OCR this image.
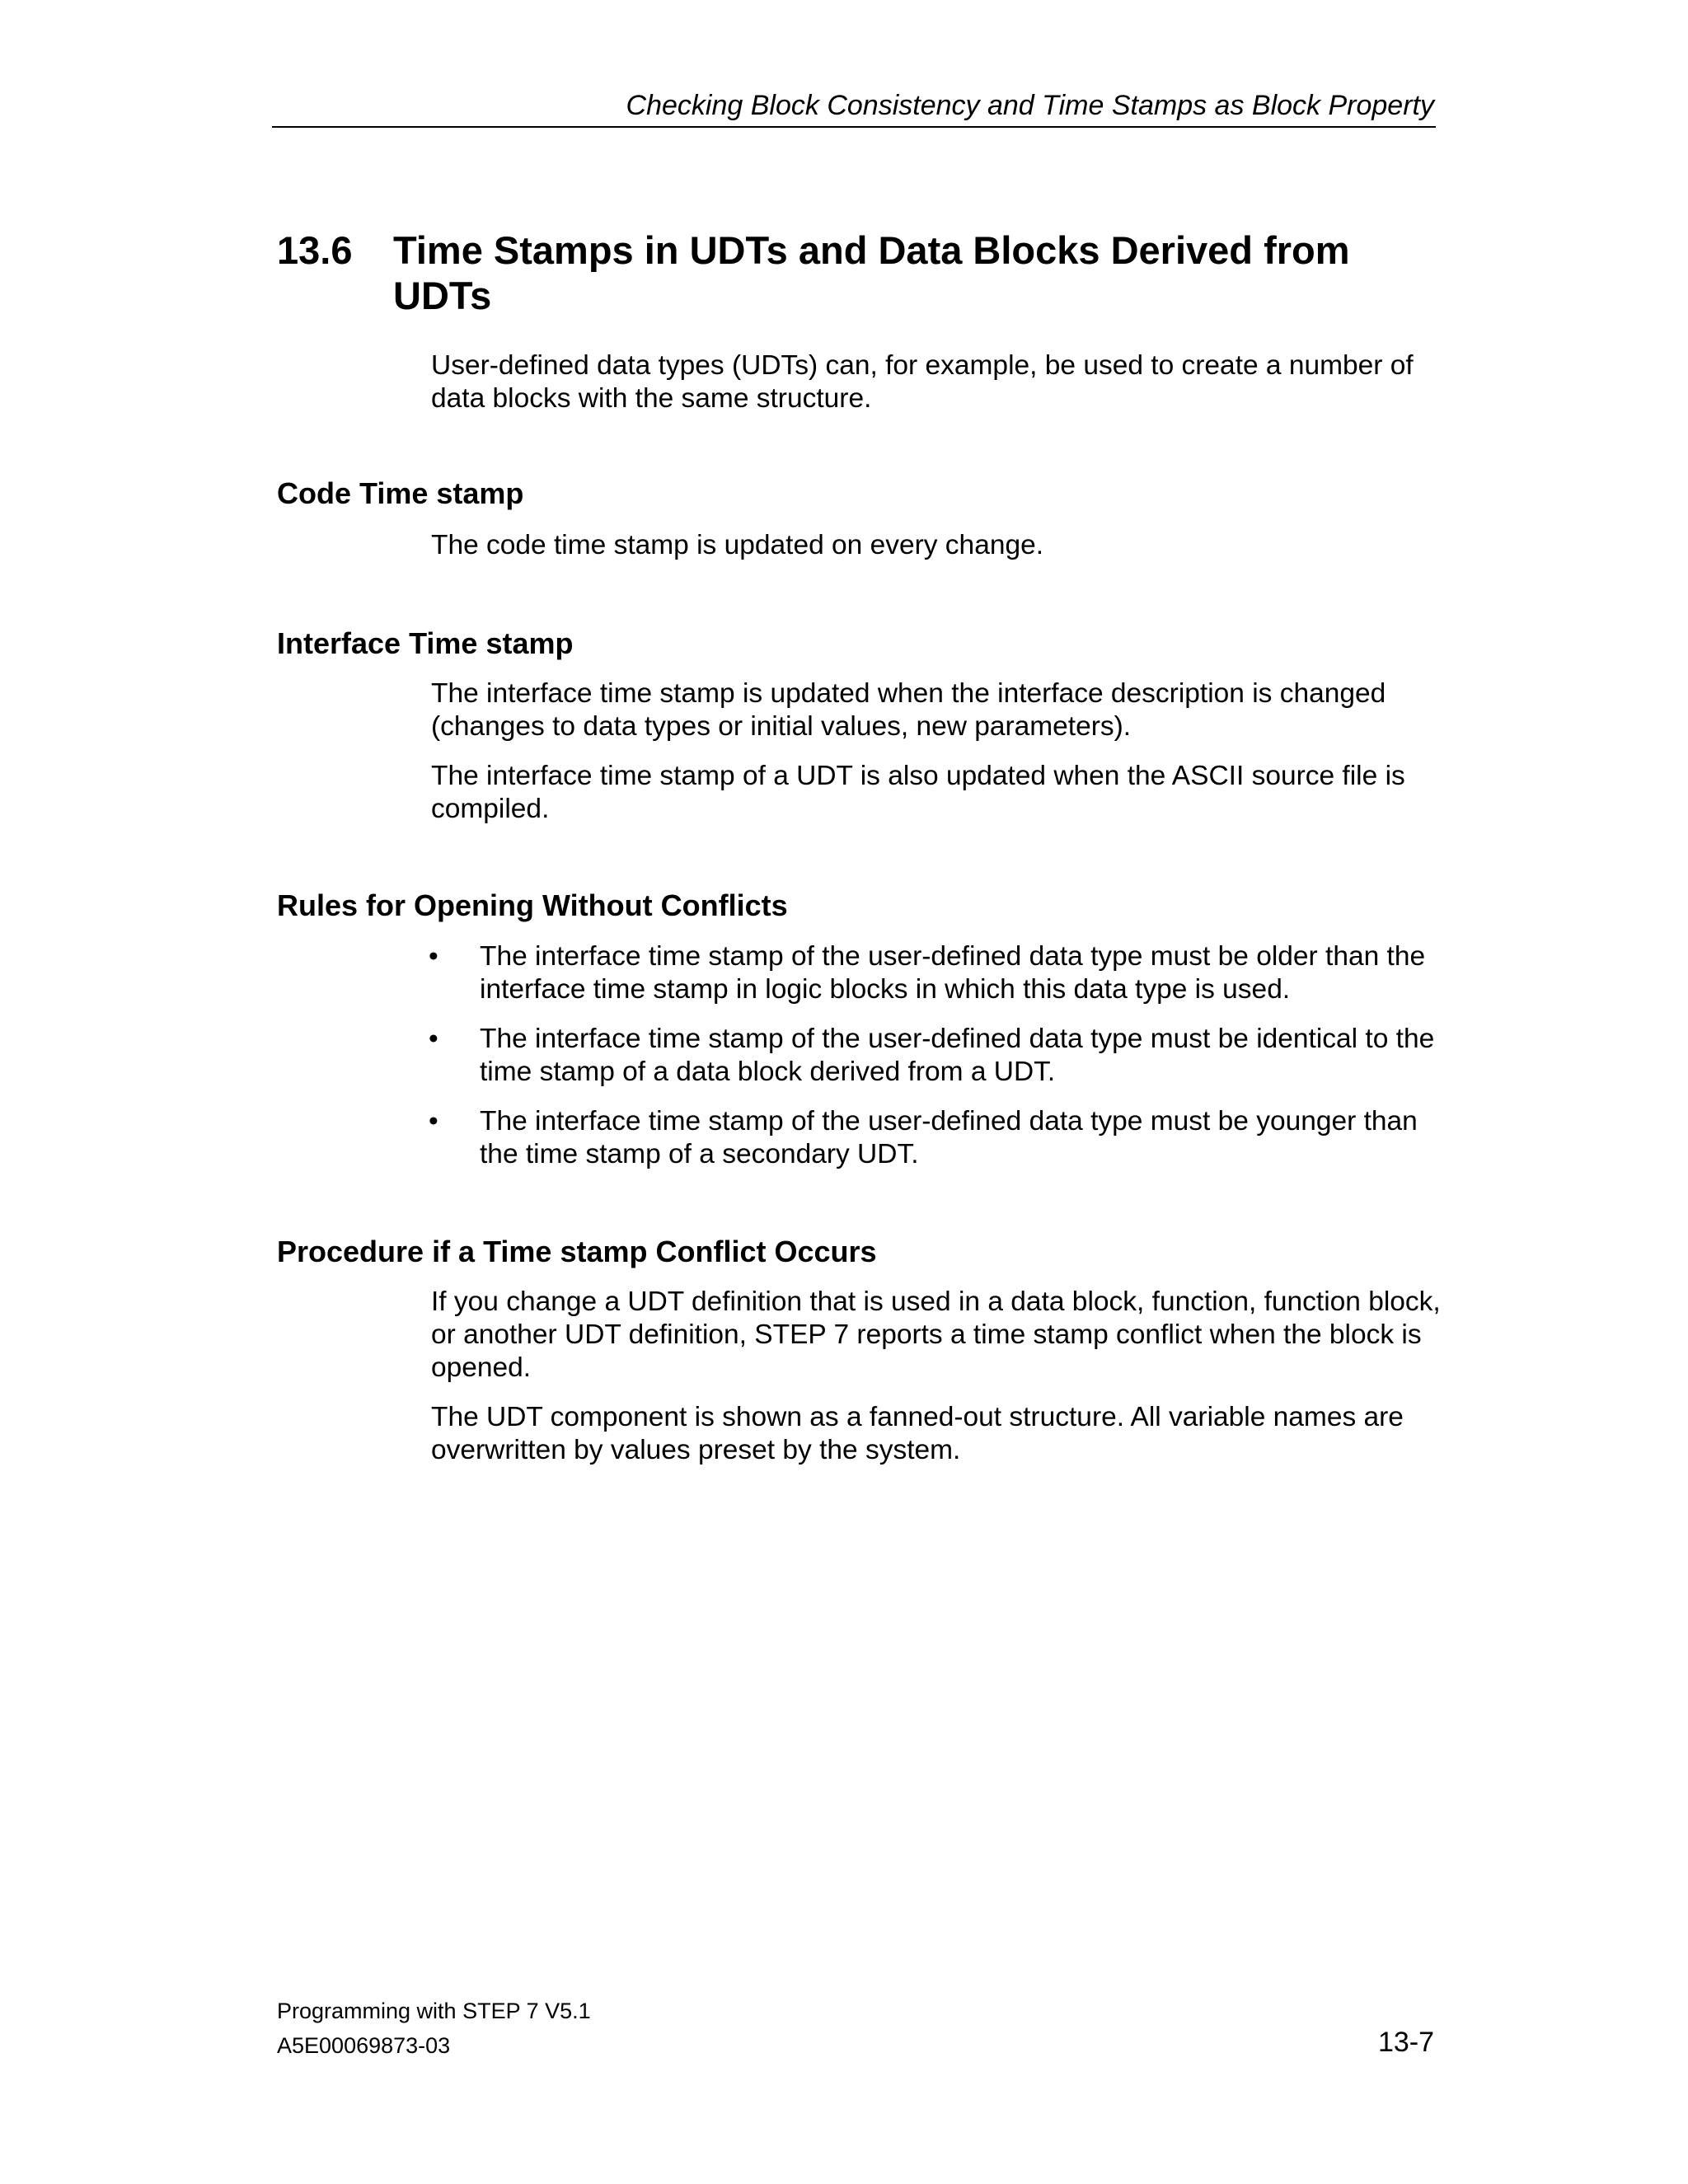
Checking Block Consistency and Time Stamps as Block Property
13.6 Time Stamps in UDTs and Data Blocks Derived from UDTs
User-defined data types (UDTs) can, for example, be used to create a number of data blocks with the same structure.
Code Time stamp
The code time stamp is updated on every change.
Interface Time stamp
The interface time stamp is updated when the interface description is changed (changes to data types or initial values, new parameters).
The interface time stamp of a UDT is also updated when the ASCII source file is compiled.
Rules for Opening Without Conflicts
•	The interface time stamp of the user-defined data type must be older than the interface time stamp in logic blocks in which this data type is used.
•	The interface time stamp of the user-defined data type must be identical to the time stamp of a data block derived from a UDT.
•	The interface time stamp of the user-defined data type must be younger than the time stamp of a secondary UDT.
Procedure if a Time stamp Conflict Occurs
If you change a UDT definition that is used in a data block, function, function block, or another UDT definition, STEP 7 reports a time stamp conflict when the block is opened.
The UDT component is shown as a fanned-out structure. All variable names are overwritten by values preset by the system.
Programming with STEP 7 V5.1
A5E00069873-03	13-7
